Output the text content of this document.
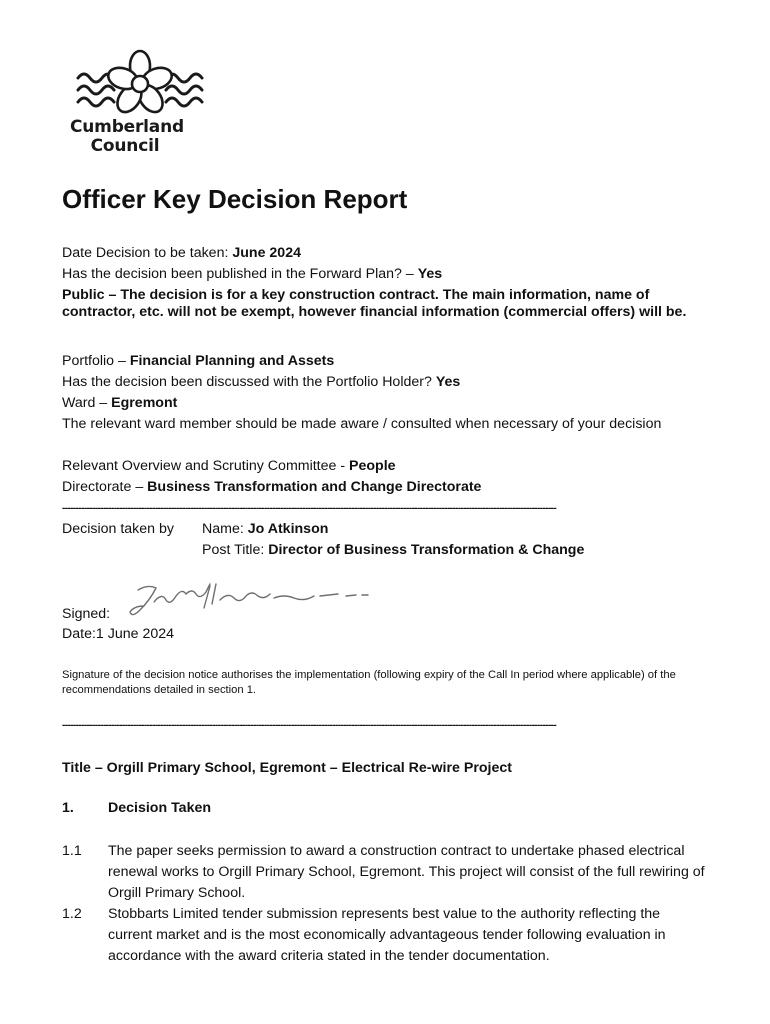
Cumberland
Council
Officer Key Decision Report
Date Decision to be taken: June 2024
Has the decision been published in the Forward Plan? – Yes
Public – The decision is for a key construction contract. The main information, name of contractor, etc. will not be exempt, however financial information (commercial offers) will be.
Portfolio – Financial Planning and Assets
Has the decision been discussed with the Portfolio Holder? Yes
Ward – Egremont
The relevant ward member should be made aware / consulted when necessary of your decision
Relevant Overview and Scrutiny Committee - People
Directorate – Business Transformation and Change Directorate
-------------------------------------------------------------------------------------------------------------------------------------------------------------------------------------
Decision taken by Name: Jo Atkinson
Post Title: Director of Business Transformation & Change
Signed:
Date:1 June 2024
Signature of the decision notice authorises the implementation (following expiry of the Call In period where applicable) of the recommendations detailed in section 1.
-------------------------------------------------------------------------------------------------------------------------------------------------------------------------------------
Title – Orgill Primary School, Egremont – Electrical Re-wire Project
1. Decision Taken
1.1 The paper seeks permission to award a construction contract to undertake phased electrical renewal works to Orgill Primary School, Egremont. This project will consist of the full rewiring of Orgill Primary School.
1.2 Stobbarts Limited tender submission represents best value to the authority reflecting the current market and is the most economically advantageous tender following evaluation in accordance with the award criteria stated in the tender documentation.
